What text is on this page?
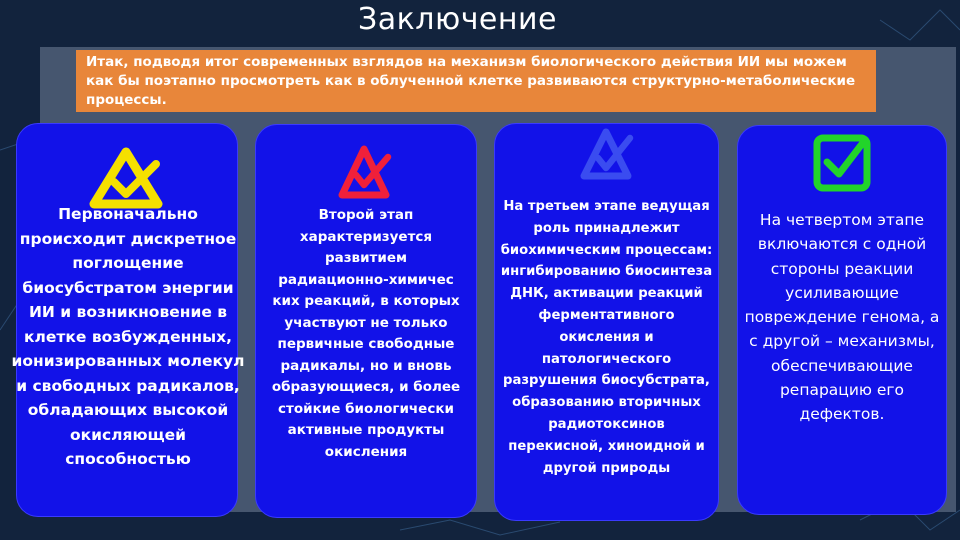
Заключение
Итак, подводя итог современных взглядов на механизм биологического действия ИИ мы можем как бы поэтапно просмотреть как в облученной клетке развиваются структурно‑метаболические процессы.
Первоначально происходит дискретное поглощение биосубстратом энергии ИИ и возникновение в клетке возбужденных, ионизированных молекул и свободных радикалов, обладающих высокой окисляющей способностью
Второй этап характеризуется развитием радиационно‑химичес ких реакций, в которых участвуют не только первичные свободные радикалы, но и вновь образующиеся, и более стойкие биологически активные продукты окисления
На третьем этапе ведущая роль принадлежит биохимическим процессам: ингибированию биосинтеза ДНК, активации реакций ферментативного окисления и патологического разрушения биосубстрата, образованию вторичных радиотоксинов перекисной, хиноидной и другой природы
На четвертом этапе включаются с одной стороны реакции усиливающие повреждение генома, а с другой – механизмы, обеспечивающие репарацию его дефектов.
